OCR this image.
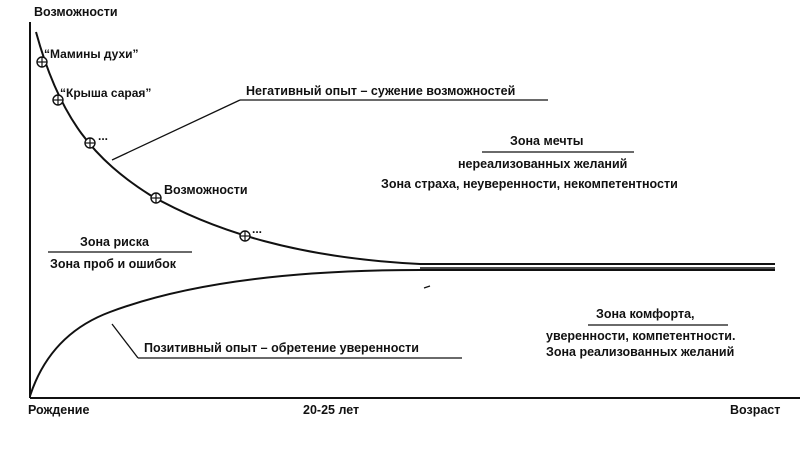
Возможности
Рождение	20-25 лет	Возраст
“Мамины духи”
“Крыша сарая”
...
Возможности
...
Негативный опыт – сужение возможностей
Позитивный опыт – обретение уверенности
Зона мечты
нереализованных желаний
Зона страха, неуверенности, некомпетентности
Зона риска
Зона проб и ошибок
Зона комфорта,
уверенности, компетентности.
Зона реализованных желаний
